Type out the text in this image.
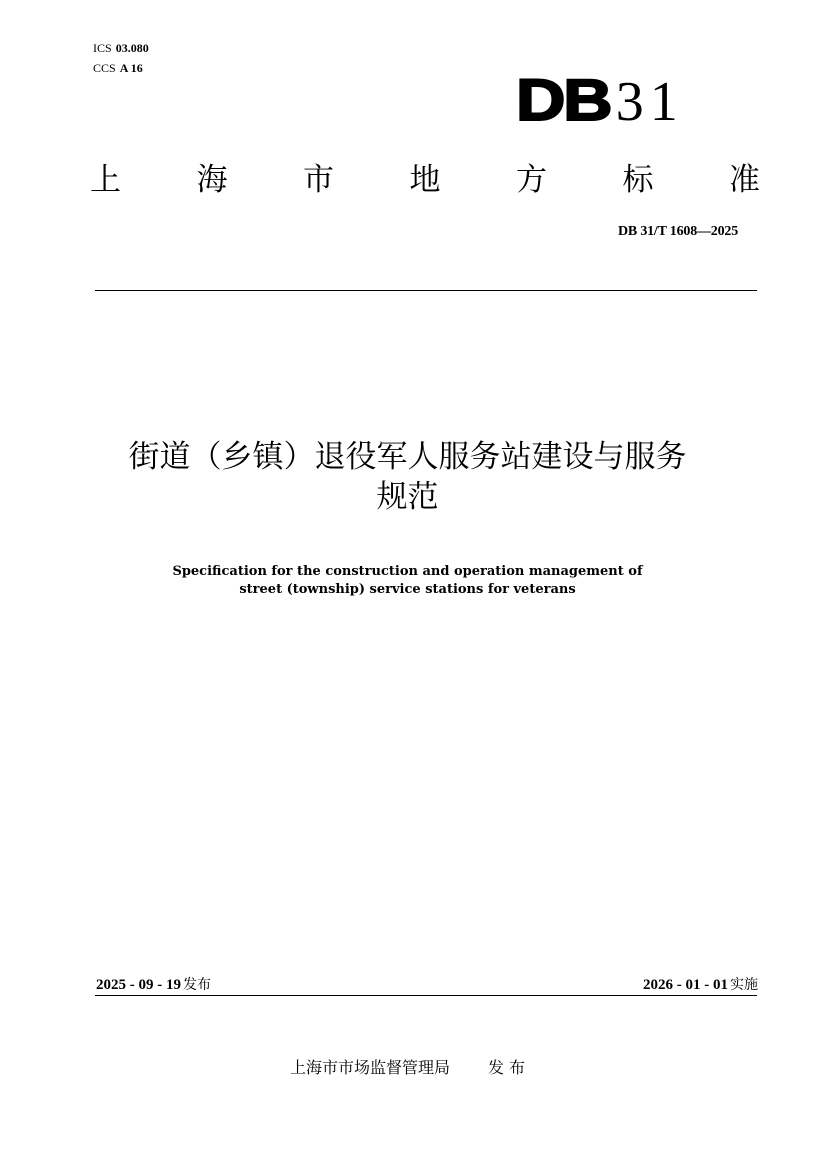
ICS 03.080
CCS A 16	DB 31
上 海 市 地 方 标 准
DB 31/T 1608—2025
街道（乡镇）退役军人服务站建设与服务
规范
Specification for the construction and operation management of
street (township) service stations for veterans
2025 - 09 - 19 发布	2026 - 01 - 01 实施
上海市市场监督管理局 发 布
